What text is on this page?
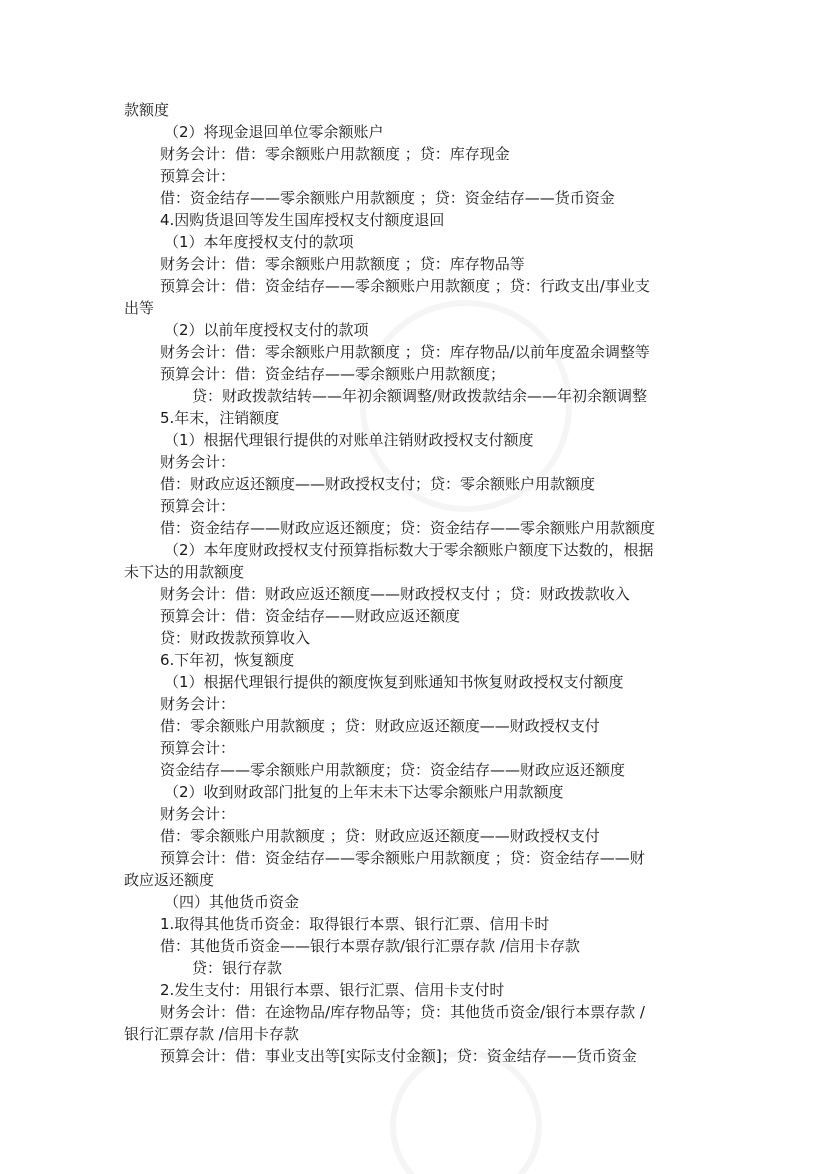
款额度
（2）将现金退回单位零余额账户
财务会计：借：零余额账户用款额度 ；贷：库存现金
预算会计：
借：资金结存——零余额账户用款额度 ；贷：资金结存——货币资金
4.因购货退回等发生国库授权支付额度退回
（1）本年度授权支付的款项
财务会计：借：零余额账户用款额度 ；贷：库存物品等
预算会计：借：资金结存——零余额账户用款额度 ；贷：行政支出/事业支
出等
（2）以前年度授权支付的款项
财务会计：借：零余额账户用款额度 ；贷：库存物品/以前年度盈余调整等
预算会计：借：资金结存——零余额账户用款额度；
贷：财政拨款结转——年初余额调整/财政拨款结余——年初余额调整
5.年末，注销额度
（1）根据代理银行提供的对账单注销财政授权支付额度
财务会计：
借：财政应返还额度——财政授权支付；贷：零余额账户用款额度
预算会计：
借：资金结存——财政应返还额度；贷：资金结存——零余额账户用款额度
（2）本年度财政授权支付预算指标数大于零余额账户额度下达数的，根据
未下达的用款额度
财务会计：借：财政应返还额度——财政授权支付 ；贷：财政拨款收入
预算会计：借：资金结存——财政应返还额度
贷：财政拨款预算收入
6.下年初，恢复额度
（1）根据代理银行提供的额度恢复到账通知书恢复财政授权支付额度
财务会计：
借：零余额账户用款额度 ；贷：财政应返还额度——财政授权支付
预算会计：
资金结存——零余额账户用款额度；贷：资金结存——财政应返还额度
（2）收到财政部门批复的上年末未下达零余额账户用款额度
财务会计：
借：零余额账户用款额度 ；贷：财政应返还额度——财政授权支付
预算会计：借：资金结存——零余额账户用款额度 ；贷：资金结存——财
政应返还额度
（四）其他货币资金
1.取得其他货币资金：取得银行本票、银行汇票、信用卡时
借：其他货币资金——银行本票存款/银行汇票存款 /信用卡存款
贷：银行存款
2.发生支付：用银行本票、银行汇票、信用卡支付时
财务会计：借：在途物品/库存物品等；贷：其他货币资金/银行本票存款 /
银行汇票存款 /信用卡存款
预算会计：借：事业支出等[实际支付金额]；贷：资金结存——货币资金
